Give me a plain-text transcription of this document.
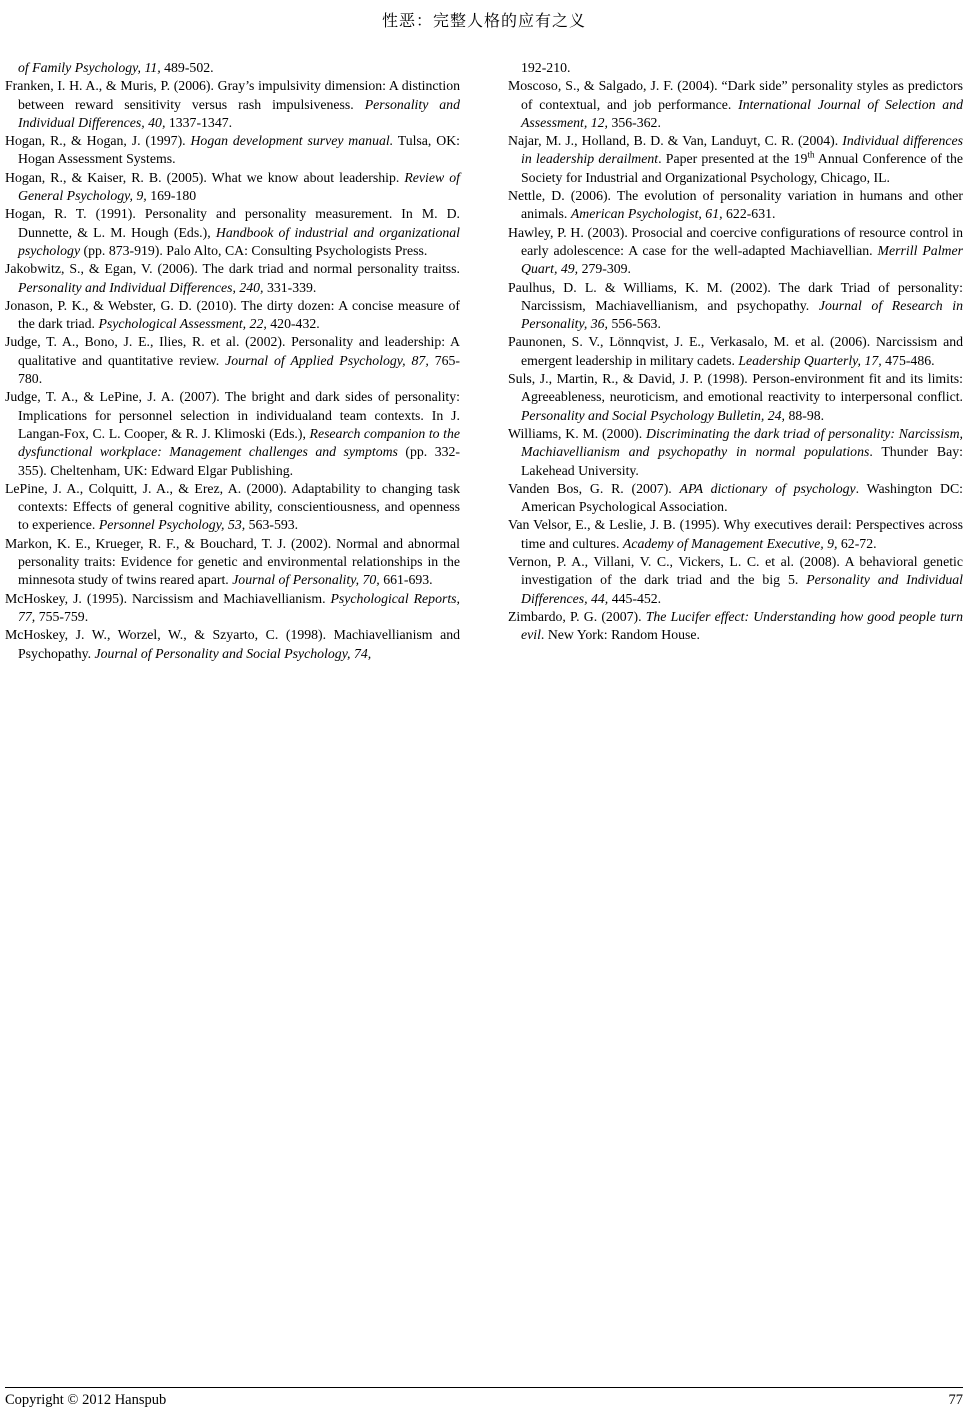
性恶：完整人格的应有之义

of Family Psychology, 11, 489-502.

Franken, I. H. A., & Muris, P. (2006). Gray’s impulsivity dimension: A distinction between reward sensitivity versus rash impulsiveness. Personality and Individual Differences, 40, 1337-1347.

Hogan, R., & Hogan, J. (1997). Hogan development survey manual. Tulsa, OK: Hogan Assessment Systems.

Hogan, R., & Kaiser, R. B. (2005). What we know about leadership. Review of General Psychology, 9, 169-180

Hogan, R. T. (1991). Personality and personality measurement. In M. D. Dunnette, & L. M. Hough (Eds.), Handbook of industrial and organizational psychology (pp. 873-919). Palo Alto, CA: Consulting Psychologists Press.

Jakobwitz, S., & Egan, V. (2006). The dark triad and normal personality traitss. Personality and Individual Differences, 240, 331-339.

Jonason, P. K., & Webster, G. D. (2010). The dirty dozen: A concise measure of the dark triad. Psychological Assessment, 22, 420-432.

Judge, T. A., Bono, J. E., Ilies, R. et al. (2002). Personality and leadership: A qualitative and quantitative review. Journal of Applied Psychology, 87, 765-780.

Judge, T. A., & LePine, J. A. (2007). The bright and dark sides of personality: Implications for personnel selection in individualand team contexts. In J. Langan-Fox, C. L. Cooper, & R. J. Klimoski (Eds.), Research companion to the dysfunctional workplace: Management challenges and symptoms (pp. 332-355). Cheltenham, UK: Edward Elgar Publishing.

LePine, J. A., Colquitt, J. A., & Erez, A. (2000). Adaptability to changing task contexts: Effects of general cognitive ability, conscientiousness, and openness to experience. Personnel Psychology, 53, 563-593.

Markon, K. E., Krueger, R. F., & Bouchard, T. J. (2002). Normal and abnormal personality traits: Evidence for genetic and environmental relationships in the minnesota study of twins reared apart. Journal of Personality, 70, 661-693.

McHoskey, J. (1995). Narcissism and Machiavellianism. Psychological Reports, 77, 755-759.

McHoskey, J. W., Worzel, W., & Szyarto, C. (1998). Machiavellianism and Psychopathy. Journal of Personality and Social Psychology, 74,

192-210.

Moscoso, S., & Salgado, J. F. (2004). “Dark side” personality styles as predictors of contextual, and job performance. International Journal of Selection and Assessment, 12, 356-362.

Najar, M. J., Holland, B. D. & Van, Landuyt, C. R. (2004). Individual differences in leadership derailment. Paper presented at the 19th Annual Conference of the Society for Industrial and Organizational Psychology, Chicago, IL.

Nettle, D. (2006). The evolution of personality variation in humans and other animals. American Psychologist, 61, 622-631.

Hawley, P. H. (2003). Prosocial and coercive configurations of resource control in early adolescence: A case for the well-adapted Machiavellian. Merrill Palmer Quart, 49, 279-309.

Paulhus, D. L. & Williams, K. M. (2002). The dark Triad of personality: Narcissism, Machiavellianism, and psychopathy. Journal of Research in Personality, 36, 556-563.

Paunonen, S. V., Lönnqvist, J. E., Verkasalo, M. et al. (2006). Narcissism and emergent leadership in military cadets. Leadership Quarterly, 17, 475-486.

Suls, J., Martin, R., & David, J. P. (1998). Person-environment fit and its limits: Agreeableness, neuroticism, and emotional reactivity to interpersonal conflict. Personality and Social Psychology Bulletin, 24, 88-98.

Williams, K. M. (2000). Discriminating the dark triad of personality: Narcissism, Machiavellianism and psychopathy in normal populations. Thunder Bay: Lakehead University.

Vanden Bos, G. R. (2007). APA dictionary of psychology. Washington DC: American Psychological Association.

Van Velsor, E., & Leslie, J. B. (1995). Why executives derail: Perspectives across time and cultures. Academy of Management Executive, 9, 62-72.

Vernon, P. A., Villani, V. C., Vickers, L. C. et al. (2008). A behavioral genetic investigation of the dark triad and the big 5. Personality and Individual Differences, 44, 445-452.

Zimbardo, P. G. (2007). The Lucifer effect: Understanding how good people turn evil. New York: Random House.

Copyright © 2012 Hanspub	77
